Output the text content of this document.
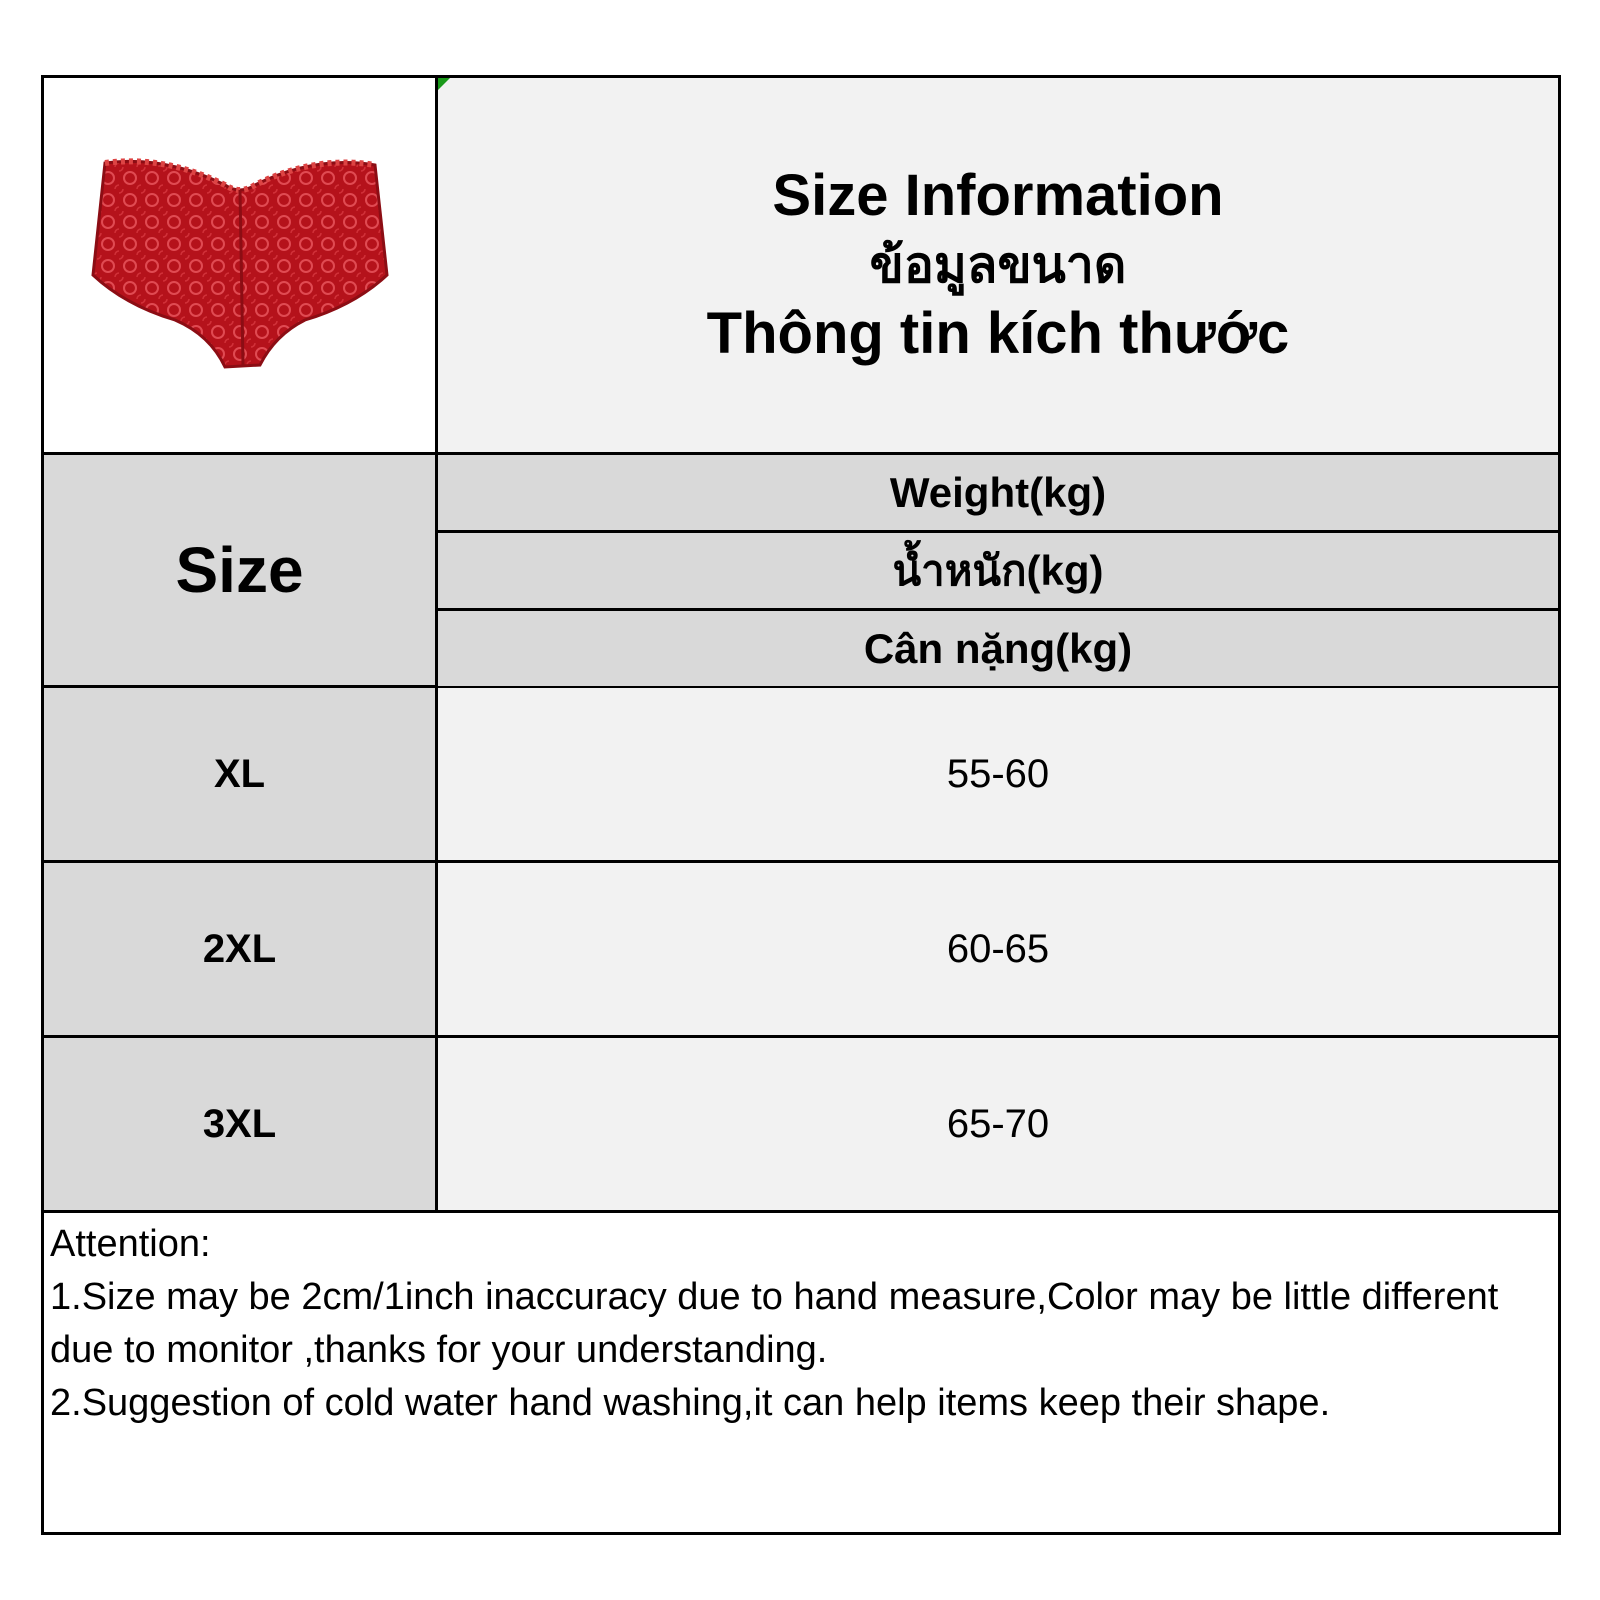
Size Information
ข้อมูลขนาด
Thông tin kích thước
Size
Weight(kg)
น้ำหนัก(kg)
Cân nặng(kg)
XL	55-60
2XL	60-65
3XL	65-70
Attention:
1.Size may be 2cm/1inch inaccuracy due to hand measure,Color may be little different due to monitor ,thanks for your understanding.
2.Suggestion of cold water hand washing,it can help items keep their shape.
